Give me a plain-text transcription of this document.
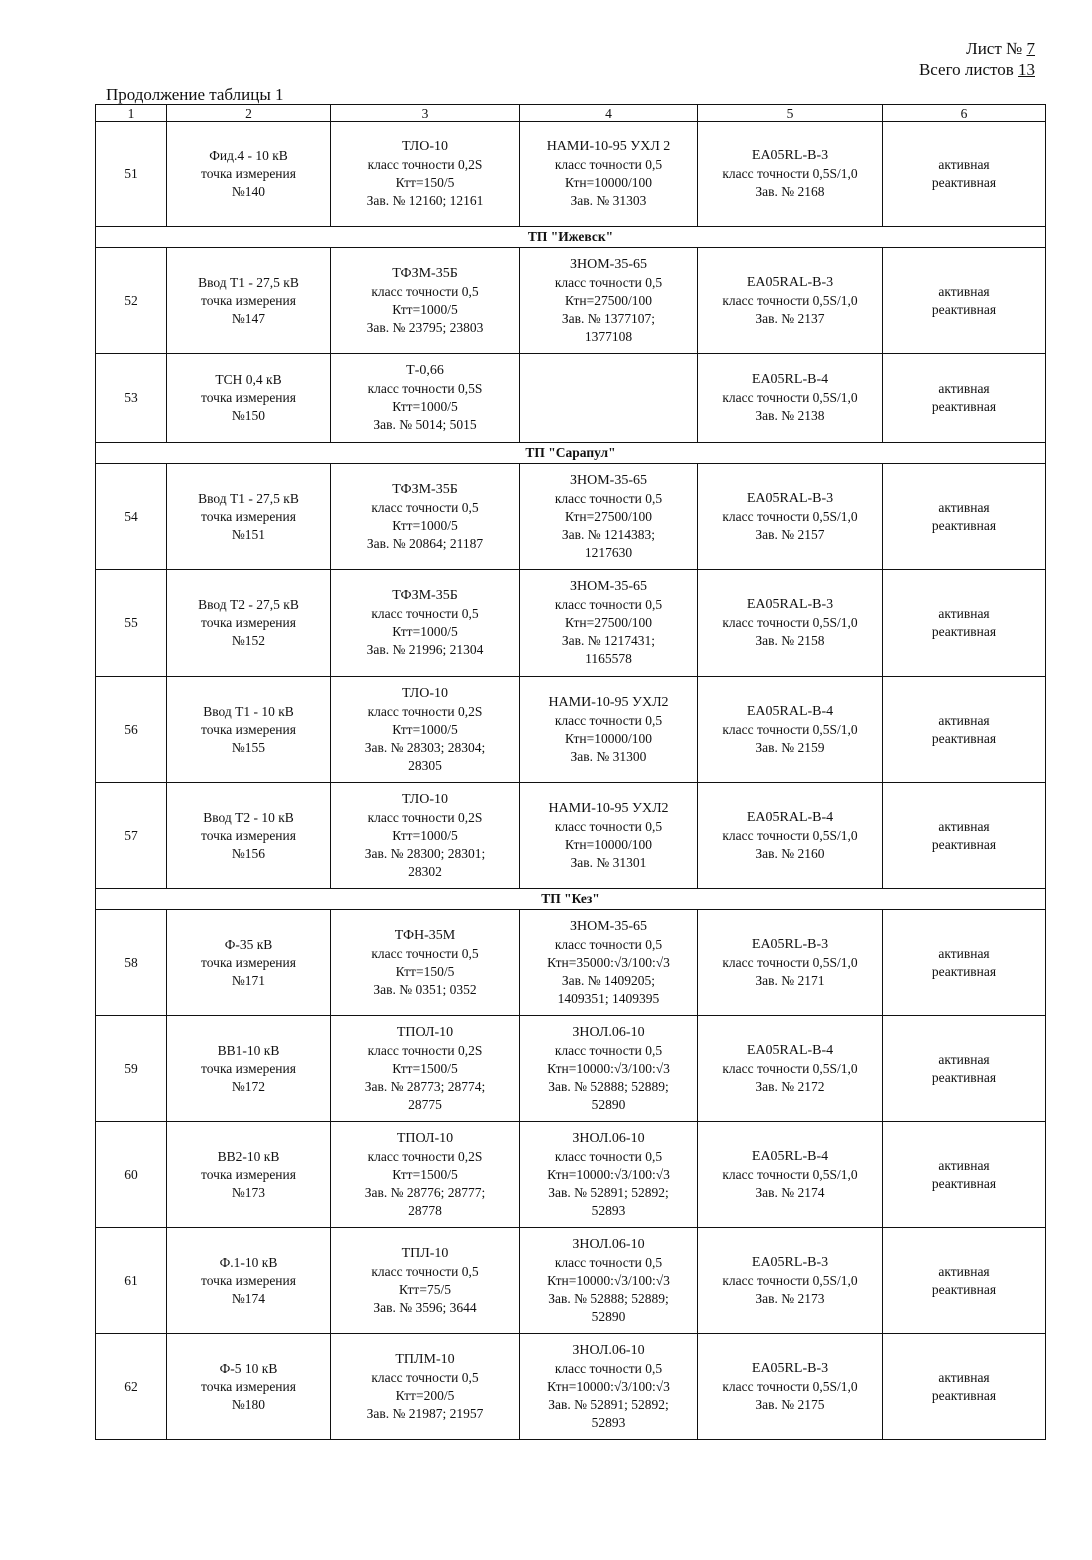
Лист № 7
Всего листов 13
Продолжение таблицы 1
1	2	3	4	5	6

51	Фид.4 - 10 кВ
точка измерения
№140	ТЛО-10
класс точности 0,2S
Ктт=150/5
Зав. № 12160; 12161	НАМИ-10-95 УХЛ 2
класс точности 0,5
Ктн=10000/100
Зав. № 31303	EA05RL-B-3
класс точности 0,5S/1,0
Зав. № 2168	активная
реактивная

ТП "Ижевск"					

52	Ввод Т1 - 27,5 кВ
точка измерения
№147	ТФЗМ-35Б
класс точности 0,5
Ктт=1000/5
Зав. № 23795; 23803	ЗНОМ-35-65
класс точности 0,5
Ктн=27500/100
Зав. № 1377107;
1377108	EA05RAL-B-3
класс точности 0,5S/1,0
Зав. № 2137	активная
реактивная

53	ТСН 0,4 кВ
точка измерения
№150	Т-0,66
класс точности 0,5S
Ктт=1000/5
Зав. № 5014; 5015		EA05RL-B-4
класс точности 0,5S/1,0
Зав. № 2138	активная
реактивная

ТП "Сарапул"					

54	Ввод Т1 - 27,5 кВ
точка измерения
№151	ТФЗМ-35Б
класс точности 0,5
Ктт=1000/5
Зав. № 20864; 21187	ЗНОМ-35-65
класс точности 0,5
Ктн=27500/100
Зав. № 1214383;
1217630	EA05RAL-B-3
класс точности 0,5S/1,0
Зав. № 2157	активная
реактивная

55	Ввод Т2 - 27,5 кВ
точка измерения
№152	ТФЗМ-35Б
класс точности 0,5
Ктт=1000/5
Зав. № 21996; 21304	ЗНОМ-35-65
класс точности 0,5
Ктн=27500/100
Зав. № 1217431;
1165578	EA05RAL-B-3
класс точности 0,5S/1,0
Зав. № 2158	активная
реактивная

56	Ввод Т1 - 10 кВ
точка измерения
№155	ТЛО-10
класс точности 0,2S
Ктт=1000/5
Зав. № 28303; 28304;
28305	НАМИ-10-95 УХЛ2
класс точности 0,5
Ктн=10000/100
Зав. № 31300	EA05RAL-B-4
класс точности 0,5S/1,0
Зав. № 2159	активная
реактивная

57	Ввод Т2 - 10 кВ
точка измерения
№156	ТЛО-10
класс точности 0,2S
Ктт=1000/5
Зав. № 28300; 28301;
28302	НАМИ-10-95 УХЛ2
класс точности 0,5
Ктн=10000/100
Зав. № 31301	EA05RAL-B-4
класс точности 0,5S/1,0
Зав. № 2160	активная
реактивная

ТП "Кез"					

58	Ф-35 кВ
точка измерения
№171	ТФН-35М
класс точности 0,5
Ктт=150/5
Зав. № 0351; 0352	ЗНОМ-35-65
класс точности 0,5
Ктн=35000:√3/100:√3
Зав. № 1409205;
1409351; 1409395	EA05RL-B-3
класс точности 0,5S/1,0
Зав. № 2171	активная
реактивная

59	ВВ1-10 кВ
точка измерения
№172	ТПОЛ-10
класс точности 0,2S
Ктт=1500/5
Зав. № 28773; 28774;
28775	ЗНОЛ.06-10
класс точности 0,5
Ктн=10000:√3/100:√3
Зав. № 52888; 52889;
52890	EA05RAL-B-4
класс точности 0,5S/1,0
Зав. № 2172	активная
реактивная

60	ВВ2-10 кВ
точка измерения
№173	ТПОЛ-10
класс точности 0,2S
Ктт=1500/5
Зав. № 28776; 28777;
28778	ЗНОЛ.06-10
класс точности 0,5
Ктн=10000:√3/100:√3
Зав. № 52891; 52892;
52893	EA05RL-B-4
класс точности 0,5S/1,0
Зав. № 2174	активная
реактивная

61	Ф.1-10 кВ
точка измерения
№174	ТПЛ-10
класс точности 0,5
Ктт=75/5
Зав. № 3596; 3644	ЗНОЛ.06-10
класс точности 0,5
Ктн=10000:√3/100:√3
Зав. № 52888; 52889;
52890	EA05RL-B-3
класс точности 0,5S/1,0
Зав. № 2173	активная
реактивная

62	Ф-5 10 кВ
точка измерения
№180	ТПЛМ-10
класс точности 0,5
Ктт=200/5
Зав. № 21987; 21957	ЗНОЛ.06-10
класс точности 0,5
Ктн=10000:√3/100:√3
Зав. № 52891; 52892;
52893	EA05RL-B-3
класс точности 0,5S/1,0
Зав. № 2175	активная
реактивная
